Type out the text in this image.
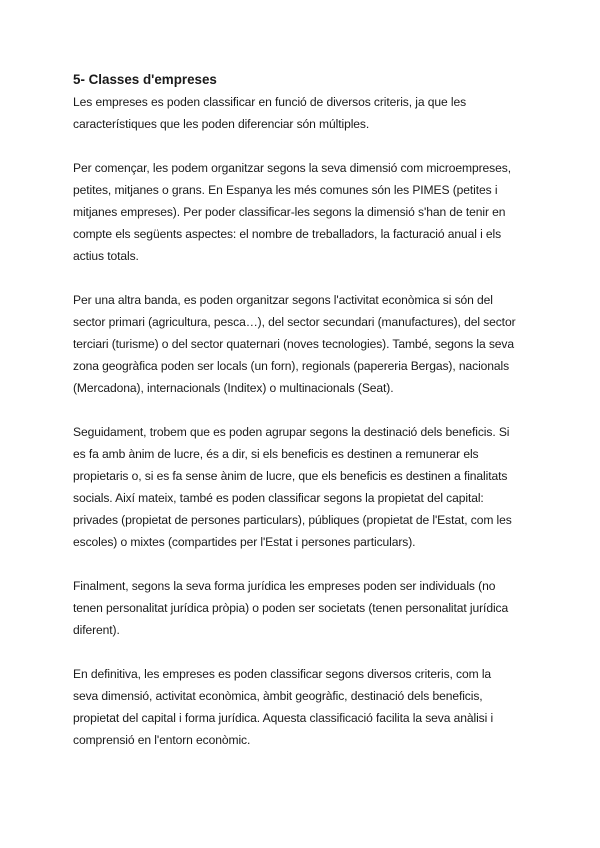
5- Classes d'empreses

Les empreses es poden classificar en funció de diversos criteris, ja que les
característiques que les poden diferenciar són múltiples.

Per començar, les podem organitzar segons la seva dimensió com microempreses,
petites, mitjanes o grans. En Espanya les més comunes són les PIMES (petites i
mitjanes empreses). Per poder classificar-les segons la dimensió s'han de tenir en
compte els següents aspectes: el nombre de treballadors, la facturació anual i els
actius totals.

Per una altra banda, es poden organitzar segons l'activitat econòmica si són del
sector primari (agricultura, pesca…), del sector secundari (manufactures), del sector
terciari (turisme) o del sector quaternari (noves tecnologies). També, segons la seva
zona geogràfica poden ser locals (un forn), regionals (papereria Bergas), nacionals
(Mercadona), internacionals (Inditex) o multinacionals (Seat).

Seguidament, trobem que es poden agrupar segons la destinació dels beneficis. Si
es fa amb ànim de lucre, és a dir, si els beneficis es destinen a remunerar els
propietaris o, si es fa sense ànim de lucre, que els beneficis es destinen a finalitats
socials. Així mateix, també es poden classificar segons la propietat del capital:
privades (propietat de persones particulars), públiques (propietat de l'Estat, com les
escoles) o mixtes (compartides per l'Estat i persones particulars).

Finalment, segons la seva forma jurídica les empreses poden ser individuals (no
tenen personalitat jurídica pròpia) o poden ser societats (tenen personalitat jurídica
diferent).

En definitiva, les empreses es poden classificar segons diversos criteris, com la
seva dimensió, activitat econòmica, àmbit geogràfic, destinació dels beneficis,
propietat del capital i forma jurídica. Aquesta classificació facilita la seva anàlisi i
comprensió en l'entorn econòmic.
